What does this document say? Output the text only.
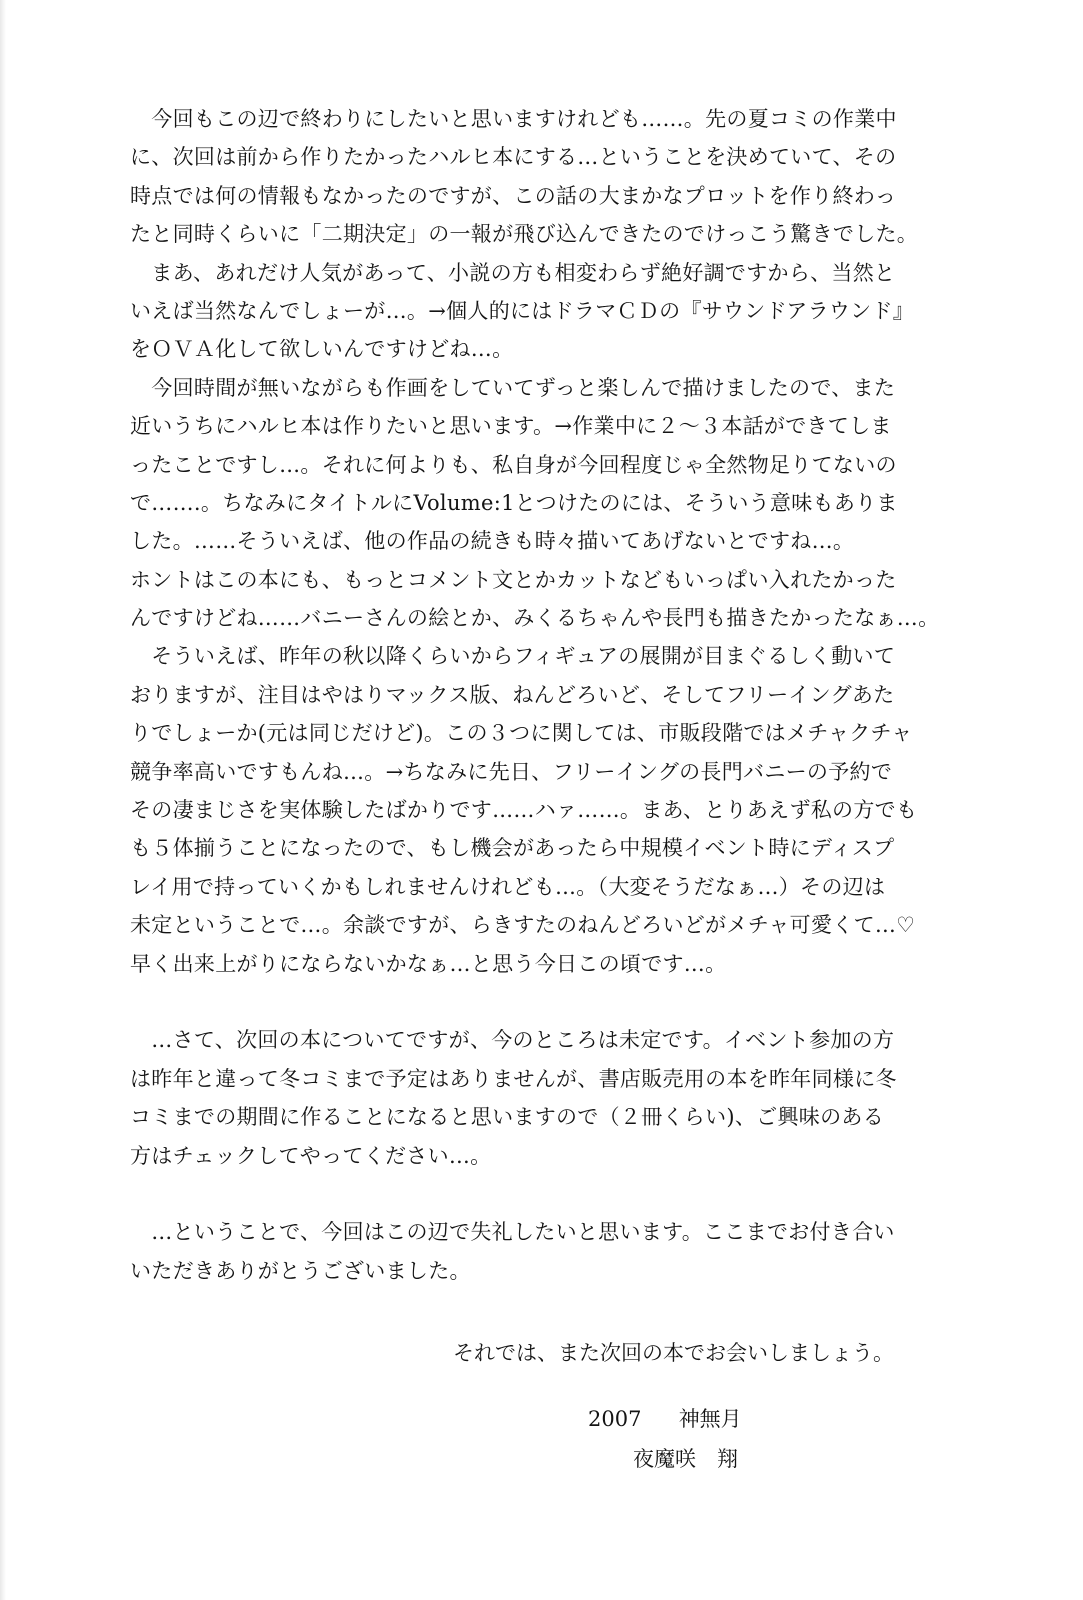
　今回もこの辺で終わりにしたいと思いますけれども……。先の夏コミの作業中
に、次回は前から作りたかったハルヒ本にする…ということを決めていて、その
時点では何の情報もなかったのですが、この話の大まかなプロットを作り終わっ
たと同時くらいに「二期決定」の一報が飛び込んできたのでけっこう驚きでした。
　まあ、あれだけ人気があって、小説の方も相変わらず絶好調ですから、当然と
いえば当然なんでしょーが…。→個人的にはドラマＣＤの『サウンドアラウンド』
をＯＶＡ化して欲しいんですけどね…。
　今回時間が無いながらも作画をしていてずっと楽しんで描けましたので、また
近いうちにハルヒ本は作りたいと思います。→作業中に２～３本話ができてしま
ったことですし…。それに何よりも、私自身が今回程度じゃ全然物足りてないの
で…….。ちなみにタイトルにVolume:1とつけたのには、そういう意味もありま
した。……そういえば、他の作品の続きも時々描いてあげないとですね…。
ホントはこの本にも、もっとコメント文とかカットなどもいっぱい入れたかった
んですけどね……バニーさんの絵とか、みくるちゃんや長門も描きたかったなぁ…。
　そういえば、昨年の秋以降くらいからフィギュアの展開が目まぐるしく動いて
おりますが、注目はやはりマックス版、ねんどろいど、そしてフリーイングあた
りでしょーか(元は同じだけど)。この３つに関しては、市販段階ではメチャクチャ
競争率高いですもんね…。→ちなみに先日、フリーイングの長門バニーの予約で
その凄まじさを実体験したばかりです……ハァ……。まあ、とりあえず私の方でも
も５体揃うことになったので、もし機会があったら中規模イベント時にディスプ
レイ用で持っていくかもしれませんけれども…。（大変そうだなぁ…）その辺は
未定ということで…。余談ですが、らきすたのねんどろいどがメチャ可愛くて…♡
早く出来上がりにならないかなぁ…と思う今日この頃です…。
　…さて、次回の本についてですが、今のところは未定です。イベント参加の方
は昨年と違って冬コミまで予定はありませんが、書店販売用の本を昨年同様に冬
コミまでの期間に作ることになると思いますので（２冊くらい)、ご興味のある
方はチェックしてやってください…。
　…ということで、今回はこの辺で失礼したいと思います。ここまでお付き合い
いただきありがとうございました。
それでは、また次回の本でお会いしましょう。
2007 神無月
夜魔咲　翔
